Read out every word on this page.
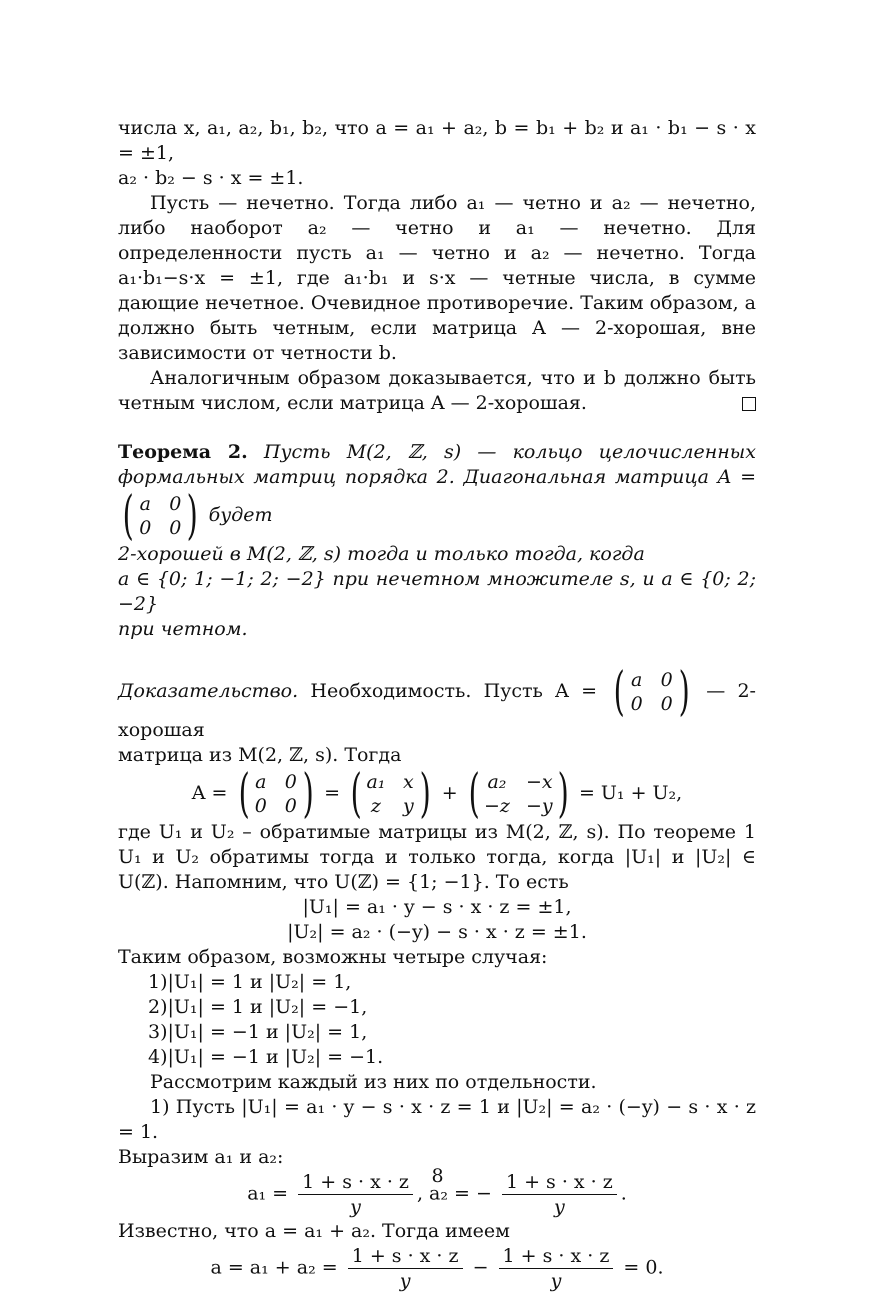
числа x, a₁, a₂, b₁, b₂, что a = a₁ + a₂, b = b₁ + b₂ и a₁ · b₁ − s · x = ±1,

a₂ · b₂ − s · x = ±1.

Пусть — нечетно. Тогда либо a₁ — четно и a₂ — нечетно, либо наоборот a₂ — четно и a₁ — нечетно. Для определенности пусть a₁ — четно и a₂ — нечетно. Тогда a₁·b₁−s·x = ±1, где a₁·b₁ и s·x — четные числа, в сумме дающие нечетное. Очевидное противоречие. Таким образом, a должно быть четным, если матрица A — 2-хорошая, вне зависимости от четности b.

Аналогичным образом доказывается, что и b должно быть четным числом, если матрица A — 2-хорошая.

Теорема 2. Пусть M(2, ℤ, s) — кольцо целочисленных формальных матриц порядка 2. Диагональная матрица A =
( a 0
0 0 ) будет

2-хорошей в M(2, ℤ, s) тогда и только тогда, когда

a ∈ {0; 1; −1; 2; −2} при нечетном множителе s, и a ∈ {0; 2; −2}

при четном.

Доказательство. Необходимость. Пусть A = ( a 0
0 0 ) — 2-хорошая

матрица из M(2, ℤ, s). Тогда

A = ( a 0
0 0 ) = ( a₁ x
z y ) + ( a₂ −x
−z −y ) = U₁ + U₂,

где U₁ и U₂ – обратимые матрицы из M(2, ℤ, s). По теореме 1 U₁ и U₂ обратимы тогда и только тогда, когда |U₁| и |U₂| ∈ U(ℤ). Напомним, что U(ℤ) = {1; −1}. То есть

|U₁| = a₁ · y − s · x · z = ±1,
|U₂| = a₂ · (−y) − s · x · z = ±1.

Таким образом, возможны четыре случая:

1)|U₁| = 1 и |U₂| = 1,
2)|U₁| = 1 и |U₂| = −1,
3)|U₁| = −1 и |U₂| = 1,
4)|U₁| = −1 и |U₂| = −1.

Рассмотрим каждый из них по отдельности.

1) Пусть |U₁| = a₁ · y − s · x · z = 1 и |U₂| = a₂ · (−y) − s · x · z = 1.

Выразим a₁ и a₂:

$a_1 = \frac{1 + s \cdot x \cdot z}{y}$ , a₂ = − $\frac{1 + s \cdot x \cdot z}{y}$ .

Известно, что a = a₁ + a₂. Тогда имеем

$a = a_1 + a_2 = \frac{1 + s \cdot x \cdot z}{y} - \frac{1 + s \cdot x \cdot z}{y} = 0$.
8
